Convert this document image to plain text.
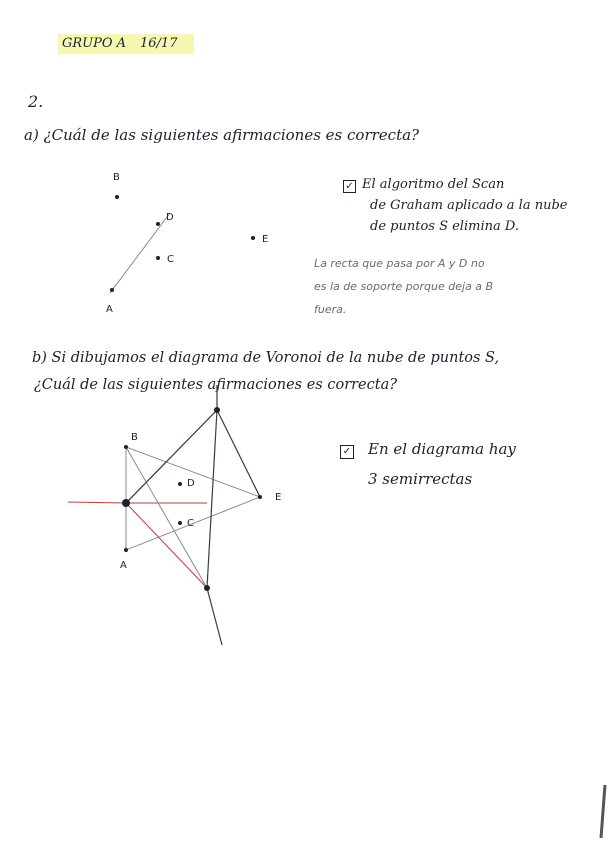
GRUPO A 16/17
2.
a) ¿Cuál de las siguientes afirmaciones es correcta?
B
D
E
C
A
✓ El algoritmo del Scan
de Graham aplicado a la nube
de puntos S elimina D.
La recta que pasa por A y D no
es la de soporte porque deja a B
fuera.
b) Si dibujamos el diagrama de Voronoi de la nube de puntos S,
¿Cuál de las siguientes afirmaciones es correcta?
B
D
E
C
A
✓ En el diagrama hay
3 semirrectas
